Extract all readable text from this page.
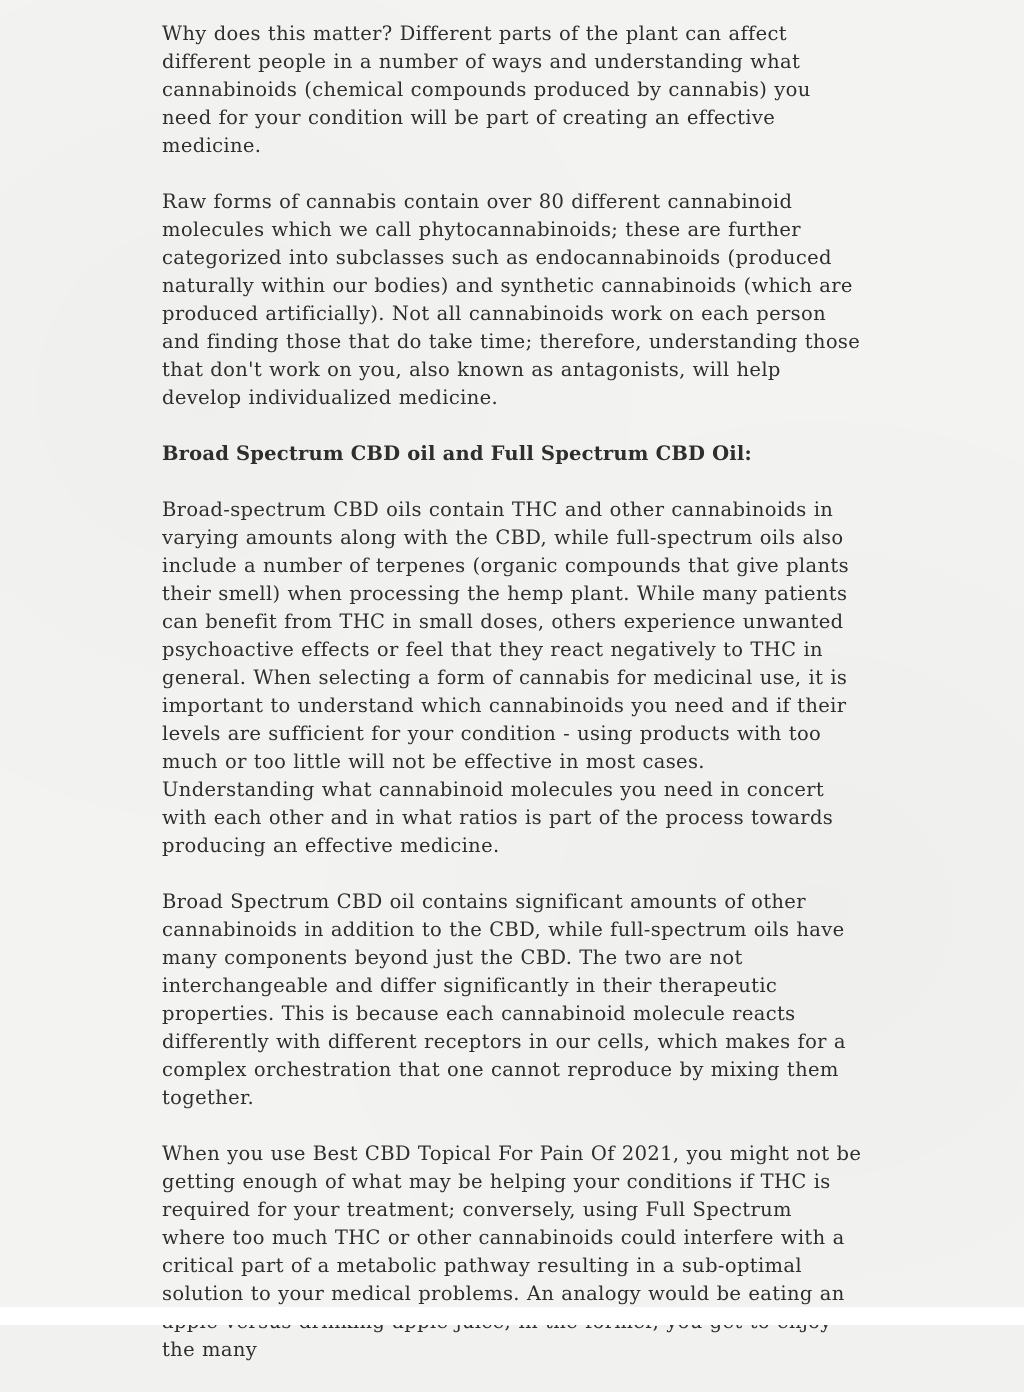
Why does this matter? Different parts of the plant can affect different people in a number of ways and understanding what cannabinoids (chemical compounds produced by cannabis) you need for your condition will be part of creating an effective medicine.

Raw forms of cannabis contain over 80 different cannabinoid molecules which we call phytocannabinoids; these are further categorized into subclasses such as endocannabinoids (produced naturally within our bodies) and synthetic cannabinoids (which are produced artificially). Not all cannabinoids work on each person and finding those that do take time; therefore, understanding those that don't work on you, also known as antagonists, will help develop individualized medicine.

Broad Spectrum CBD oil and Full Spectrum CBD Oil:

Broad-spectrum CBD oils contain THC and other cannabinoids in varying amounts along with the CBD, while full-spectrum oils also include a number of terpenes (organic compounds that give plants their smell) when processing the hemp plant. While many patients can benefit from THC in small doses, others experience unwanted psychoactive effects or feel that they react negatively to THC in general. When selecting a form of cannabis for medicinal use, it is important to understand which cannabinoids you need and if their levels are sufficient for your condition - using products with too much or too little will not be effective in most cases. Understanding what cannabinoid molecules you need in concert with each other and in what ratios is part of the process towards producing an effective medicine.

Broad Spectrum CBD oil contains significant amounts of other cannabinoids in addition to the CBD, while full-spectrum oils have many components beyond just the CBD. The two are not interchangeable and differ significantly in their therapeutic properties. This is because each cannabinoid molecule reacts differently with different receptors in our cells, which makes for a complex orchestration that one cannot reproduce by mixing them together.

When you use Best CBD Topical For Pain Of 2021, you might not be getting enough of what may be helping your conditions if THC is required for your treatment; conversely, using Full Spectrum where too much THC or other cannabinoids could interfere with a critical part of a metabolic pathway resulting in a sub-optimal solution to your medical problems. An analogy would be eating an the many
